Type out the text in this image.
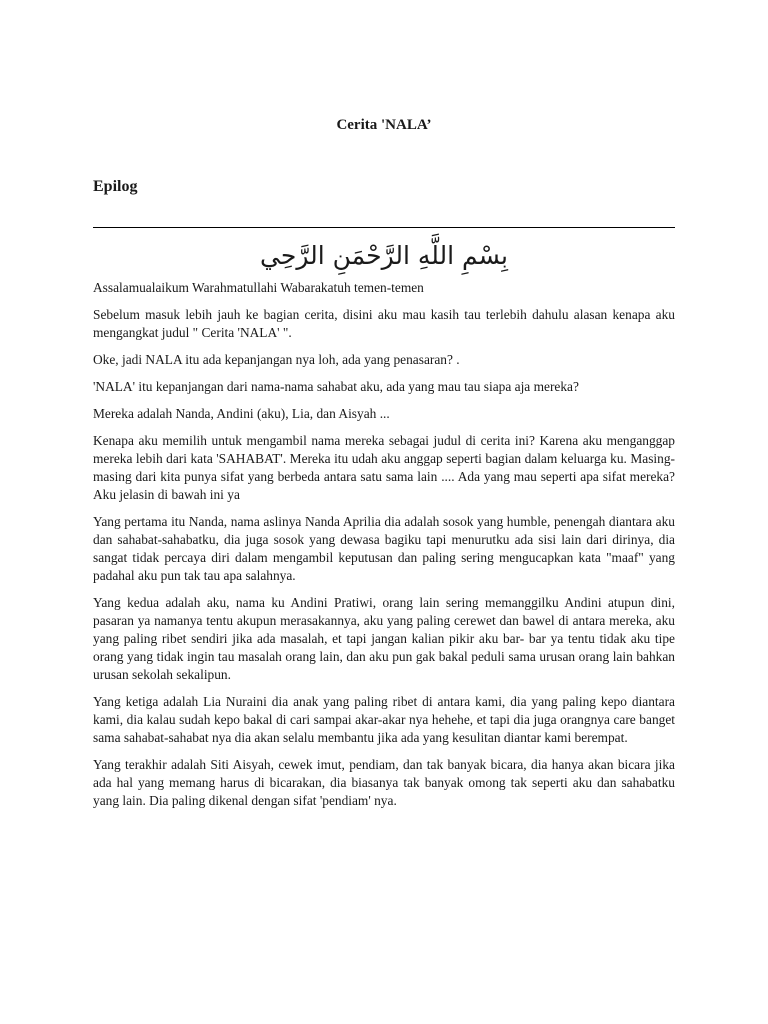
Cerita 'NALA’
Epilog
بِسْمِ اللَّهِ الرَّحْمَنِ الرَّحِي

Assalamualaikum Warahmatullahi Wabarakatuh temen-temen

Sebelum masuk lebih jauh ke bagian cerita, disini aku mau kasih tau terlebih dahulu alasan kenapa aku mengangkat judul " Cerita 'NALA' ".

Oke, jadi NALA itu ada kepanjangan nya loh, ada yang penasaran? .

'NALA' itu kepanjangan dari nama-nama sahabat aku, ada yang mau tau siapa aja mereka?

Mereka adalah Nanda, Andini (aku), Lia, dan Aisyah ...

Kenapa aku memilih untuk mengambil nama mereka sebagai judul di cerita ini? Karena aku menganggap mereka lebih dari kata 'SAHABAT'. Mereka itu udah aku anggap seperti bagian dalam keluarga ku. Masing-masing dari kita punya sifat yang berbeda antara satu sama lain .... Ada yang mau seperti apa sifat mereka? Aku jelasin di bawah ini ya

Yang pertama itu Nanda, nama aslinya Nanda Aprilia dia adalah sosok yang humble, penengah diantara aku dan sahabat-sahabatku, dia juga sosok yang dewasa bagiku tapi menurutku ada sisi lain dari dirinya, dia sangat tidak percaya diri dalam mengambil keputusan dan paling sering mengucapkan kata "maaf" yang padahal aku pun tak tau apa salahnya.

Yang kedua adalah aku, nama ku Andini Pratiwi, orang lain sering memanggilku Andini atupun dini, pasaran ya namanya tentu akupun merasakannya, aku yang paling cerewet dan bawel di antara mereka, aku yang paling ribet sendiri jika ada masalah, et tapi jangan kalian pikir aku bar- bar ya tentu tidak aku tipe orang yang tidak ingin tau masalah orang lain, dan aku pun gak bakal peduli sama urusan orang lain bahkan urusan sekolah sekalipun.

Yang ketiga adalah Lia Nuraini dia anak yang paling ribet di antara kami, dia yang paling kepo diantara kami, dia kalau sudah kepo bakal di cari sampai akar-akar nya hehehe, et tapi dia juga orangnya care banget sama sahabat-sahabat nya dia akan selalu membantu jika ada yang kesulitan diantar kami berempat.

Yang terakhir adalah Siti Aisyah, cewek imut, pendiam, dan tak banyak bicara, dia hanya akan bicara jika ada hal yang memang harus di bicarakan, dia biasanya tak banyak omong tak seperti aku dan sahabatku yang lain. Dia paling dikenal dengan sifat 'pendiam' nya.
